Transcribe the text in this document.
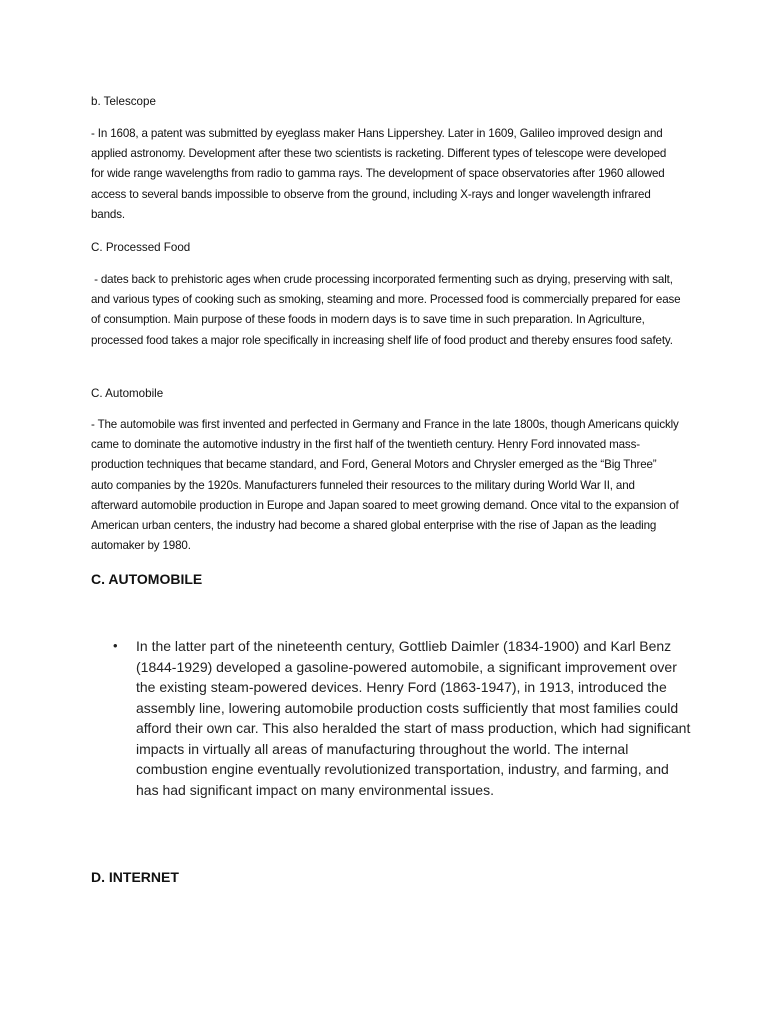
b. Telescope

- In 1608, a patent was submitted by eyeglass maker Hans Lippershey. Later in 1609, Galileo improved design and applied astronomy. Development after these two scientists is racketing. Different types of telescope were developed for wide range wavelengths from radio to gamma rays. The development of space observatories after 1960 allowed access to several bands impossible to observe from the ground, including X-rays and longer wavelength infrared bands.

C. Processed Food

- dates back to prehistoric ages when crude processing incorporated fermenting such as drying, preserving with salt, and various types of cooking such as smoking, steaming and more. Processed food is commercially prepared for ease of consumption. Main purpose of these foods in modern days is to save time in such preparation. In Agriculture, processed food takes a major role specifically in increasing shelf life of food product and thereby ensures food safety.

C. Automobile

- The automobile was first invented and perfected in Germany and France in the late 1800s, though Americans quickly came to dominate the automotive industry in the first half of the twentieth century. Henry Ford innovated mass-production techniques that became standard, and Ford, General Motors and Chrysler emerged as the “Big Three” auto companies by the 1920s. Manufacturers funneled their resources to the military during World War II, and afterward automobile production in Europe and Japan soared to meet growing demand. Once vital to the expansion of American urban centers, the industry had become a shared global enterprise with the rise of Japan as the leading automaker by 1980.

C. AUTOMOBILE
• In the latter part of the nineteenth century, Gottlieb Daimler (1834-1900) and Karl Benz (1844-1929) developed a gasoline-powered automobile, a significant improvement over the existing steam-powered devices. Henry Ford (1863-1947), in 1913, introduced the assembly line, lowering automobile production costs sufficiently that most families could afford their own car. This also heralded the start of mass production, which had significant impacts in virtually all areas of manufacturing throughout the world. The internal combustion engine eventually revolutionized transportation, industry, and farming, and has had significant impact on many environmental issues.
D. INTERNET
